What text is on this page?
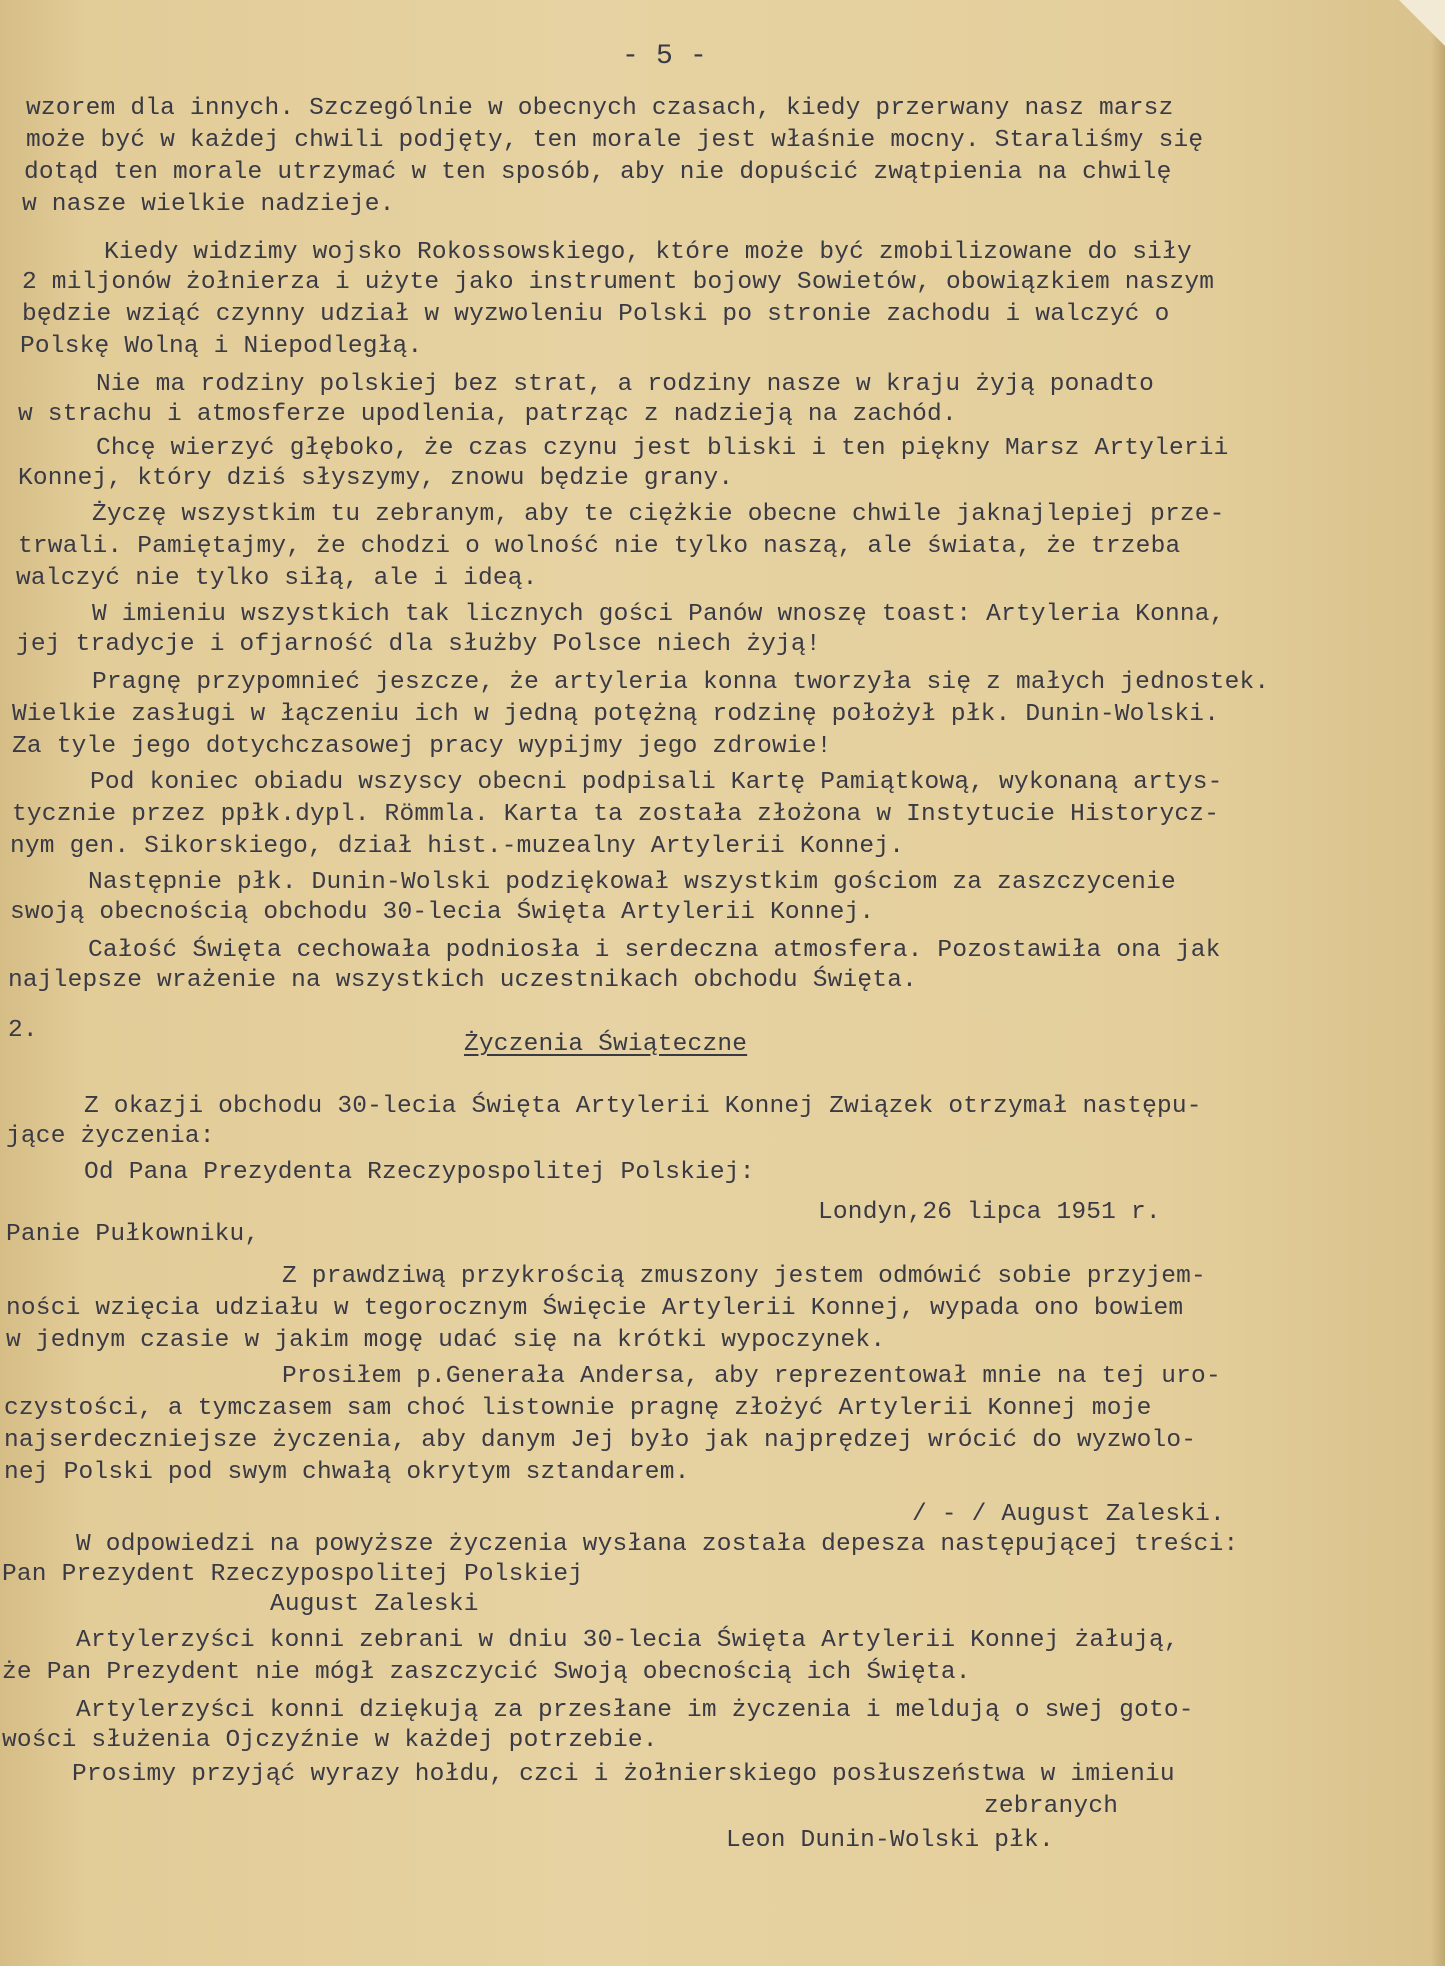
- 5 -

wzorem dla innych. Szczególnie w obecnych czasach, kiedy przerwany nasz marsz

może być w każdej chwili podjęty, ten morale jest właśnie mocny. Staraliśmy się

dotąd ten morale utrzymać w ten sposób, aby nie dopuścić zwątpienia na chwilę

w nasze wielkie nadzieje.

Kiedy widzimy wojsko Rokossowskiego, które może być zmobilizowane do siły

2 miljonów żołnierza i użyte jako instrument bojowy Sowietów, obowiązkiem naszym

będzie wziąć czynny udział w wyzwoleniu Polski po stronie zachodu i walczyć o

Polskę Wolną i Niepodległą.

Nie ma rodziny polskiej bez strat, a rodziny nasze w kraju żyją ponadto

w strachu i atmosferze upodlenia, patrząc z nadzieją na zachód.

Chcę wierzyć głęboko, że czas czynu jest bliski i ten piękny Marsz Artylerii

Konnej, który dziś słyszymy, znowu będzie grany.

Życzę wszystkim tu zebranym, aby te ciężkie obecne chwile jaknajlepiej prze-

trwali. Pamiętajmy, że chodzi o wolność nie tylko naszą, ale świata, że trzeba

walczyć nie tylko siłą, ale i ideą.

W imieniu wszystkich tak licznych gości Panów wnoszę toast: Artyleria Konna,

jej tradycje i ofjarność dla służby Polsce niech żyją!

Pragnę przypomnieć jeszcze, że artyleria konna tworzyła się z małych jednostek.

Wielkie zasługi w łączeniu ich w jedną potężną rodzinę położył płk. Dunin-Wolski.

Za tyle jego dotychczasowej pracy wypijmy jego zdrowie!

Pod koniec obiadu wszyscy obecni podpisali Kartę Pamiątkową, wykonaną artys-

tycznie przez ppłk.dypl. Römmla. Karta ta została złożona w Instytucie Historycz-

nym gen. Sikorskiego, dział hist.-muzealny Artylerii Konnej.

Następnie płk. Dunin-Wolski podziękował wszystkim gościom za zaszczycenie

swoją obecnością obchodu 30-lecia Święta Artylerii Konnej.

Całość Święta cechowała podniosła i serdeczna atmosfera. Pozostawiła ona jak

najlepsze wrażenie na wszystkich uczestnikach obchodu Święta.

2.

Życzenia Świąteczne

Z okazji obchodu 30-lecia Święta Artylerii Konnej Związek otrzymał następu-

jące życzenia:

Od Pana Prezydenta Rzeczypospolitej Polskiej:

Londyn,26 lipca 1951 r.

Panie Pułkowniku,

Z prawdziwą przykrością zmuszony jestem odmówić sobie przyjem-

ności wzięcia udziału w tegorocznym Święcie Artylerii Konnej, wypada ono bowiem

w jednym czasie w jakim mogę udać się na krótki wypoczynek.

Prosiłem p.Generała Andersa, aby reprezentował mnie na tej uro-

czystości, a tymczasem sam choć listownie pragnę złożyć Artylerii Konnej moje

najserdeczniejsze życzenia, aby danym Jej było jak najprędzej wrócić do wyzwolo-

nej Polski pod swym chwałą okrytym sztandarem.

/ - / August Zaleski.

W odpowiedzi na powyższe życzenia wysłana została depesza następującej treści:

Pan Prezydent Rzeczypospolitej Polskiej

August Zaleski

Artylerzyści konni zebrani w dniu 30-lecia Święta Artylerii Konnej żałują,

że Pan Prezydent nie mógł zaszczycić Swoją obecnością ich Święta.

Artylerzyści konni dziękują za przesłane im życzenia i meldują o swej goto-

wości służenia Ojczyźnie w każdej potrzebie.

Prosimy przyjąć wyrazy hołdu, czci i żołnierskiego posłuszeństwa w imieniu

zebranych

Leon Dunin-Wolski płk.
